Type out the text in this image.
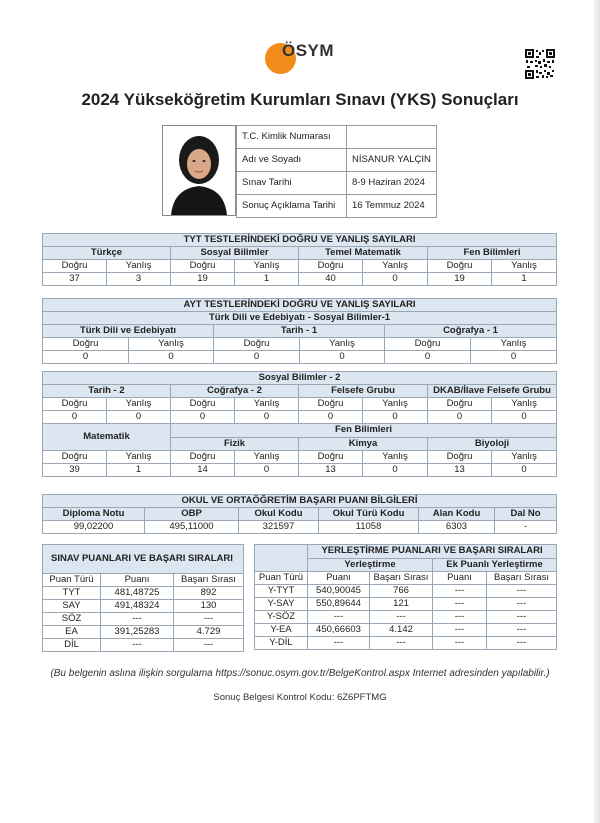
ÖSYM
2024 Yükseköğretim Kurumları Sınavı (YKS) Sonuçları
T.C. Kimlik Numarası	
Adı ve Soyadı	NİSANUR YALÇIN
Sınav Tarihi	8-9 Haziran 2024
Sonuç Açıklama Tarihi	16 Temmuz 2024
TYT TESTLERİNDEKİ DOĞRU VE YANLIŞ SAYILARI							
Türkçe		Sosyal Bilimler		Temel Matematik		Fen Bilimleri	
Doğru	Yanlış	Doğru	Yanlış	Doğru	Yanlış	Doğru	Yanlış
37	3	19	1	40	0	19	1
AYT TESTLERİNDEKİ DOĞRU VE YANLIŞ SAYILARI					
Türk Dili ve Edebiyatı - Sosyal Bilimler-1					
Türk Dili ve Edebiyatı		Tarih - 1		Coğrafya - 1	
Doğru	Yanlış	Doğru	Yanlış	Doğru	Yanlış
0	0	0	0	0	0
Sosyal Bilimler - 2							
Tarih - 2		Coğrafya - 2		Felsefe Grubu		DKAB/İlave Felsefe Grubu	
Doğru	Yanlış	Doğru	Yanlış	Doğru	Yanlış	Doğru	Yanlış
0	0	0	0	0	0	0	0
Matematik		Fen Bilimleri					
		Fizik		Kimya		Biyoloji	
Doğru	Yanlış	Doğru	Yanlış	Doğru	Yanlış	Doğru	Yanlış
39	1	14	0	13	0	13	0
OKUL VE ORTAÖĞRETİM BAŞARI PUANI BİLGİLERİ					
Diploma Notu	OBP	Okul Kodu	Okul Türü Kodu	Alan Kodu	Dal No
99,02200	495,11000	321597	11058	6303	-
SINAV PUANLARI VE BAŞARI SIRALARI		
Puan Türü	Puanı	Başarı Sırası
TYT	481,48725	892
SAY	491,48324	130
SÖZ	---	---
EA	391,25283	4.729
DİL	---	---
	YERLEŞTİRME PUANLARI VE BAŞARI SIRALARI			
	Yerleştirme		Ek Puanlı Yerleştirme	
Puan Türü	Puanı	Başarı Sırası	Puanı	Başarı Sırası
Y-TYT	540,90045	766	---	---
Y-SAY	550,89644	121	---	---
Y-SÖZ	---	---	---	---
Y-EA	450,66603	4.142	---	---
Y-DİL	---	---	---	---
(Bu belgenin aslına ilişkin sorgulama https://sonuc.osym.gov.tr/BelgeKontrol.aspx Internet adresinden yapılabilir.)
Sonuç Belgesi Kontrol Kodu: 6Z6PFTMG
